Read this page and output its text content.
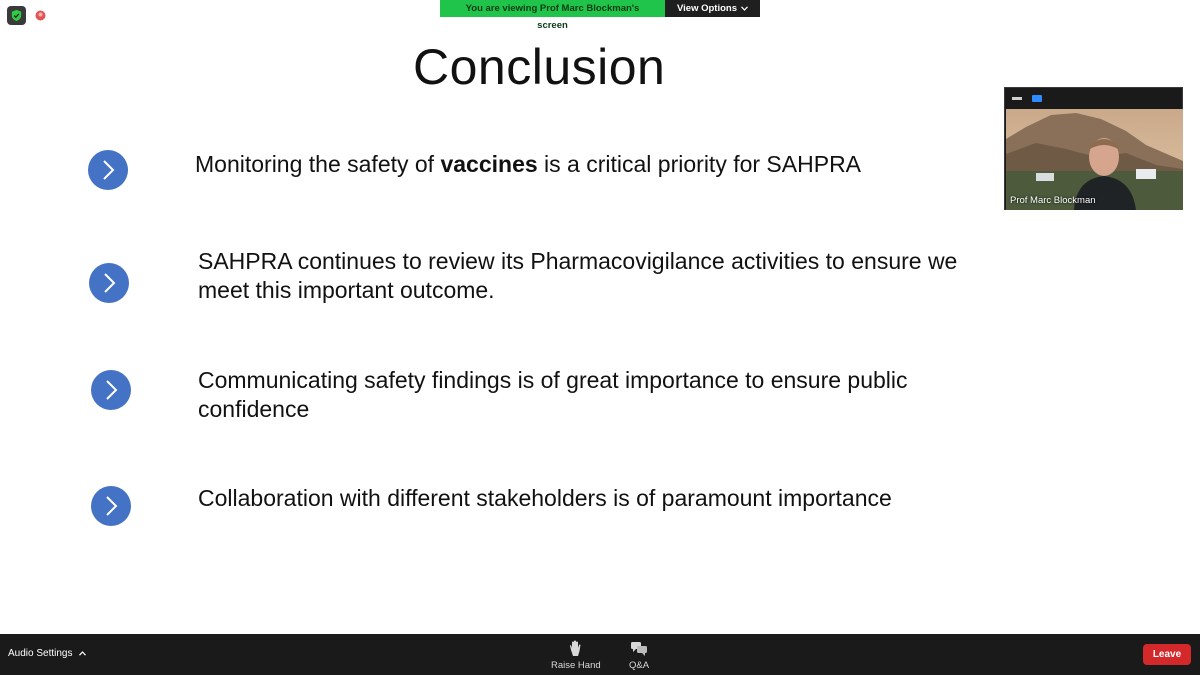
You are viewing Prof Marc Blockman's screen
View Options
Conclusion
Monitoring the safety of vaccines is a critical priority for SAHPRA
SAHPRA continues to review its Pharmacovigilance activities to ensure we
meet this important outcome.
Communicating safety findings is of great importance to ensure public
confidence
Collaboration with different stakeholders is of paramount importance
Prof Marc Blockman
Audio Settings
Raise Hand	Q&A
Leave
